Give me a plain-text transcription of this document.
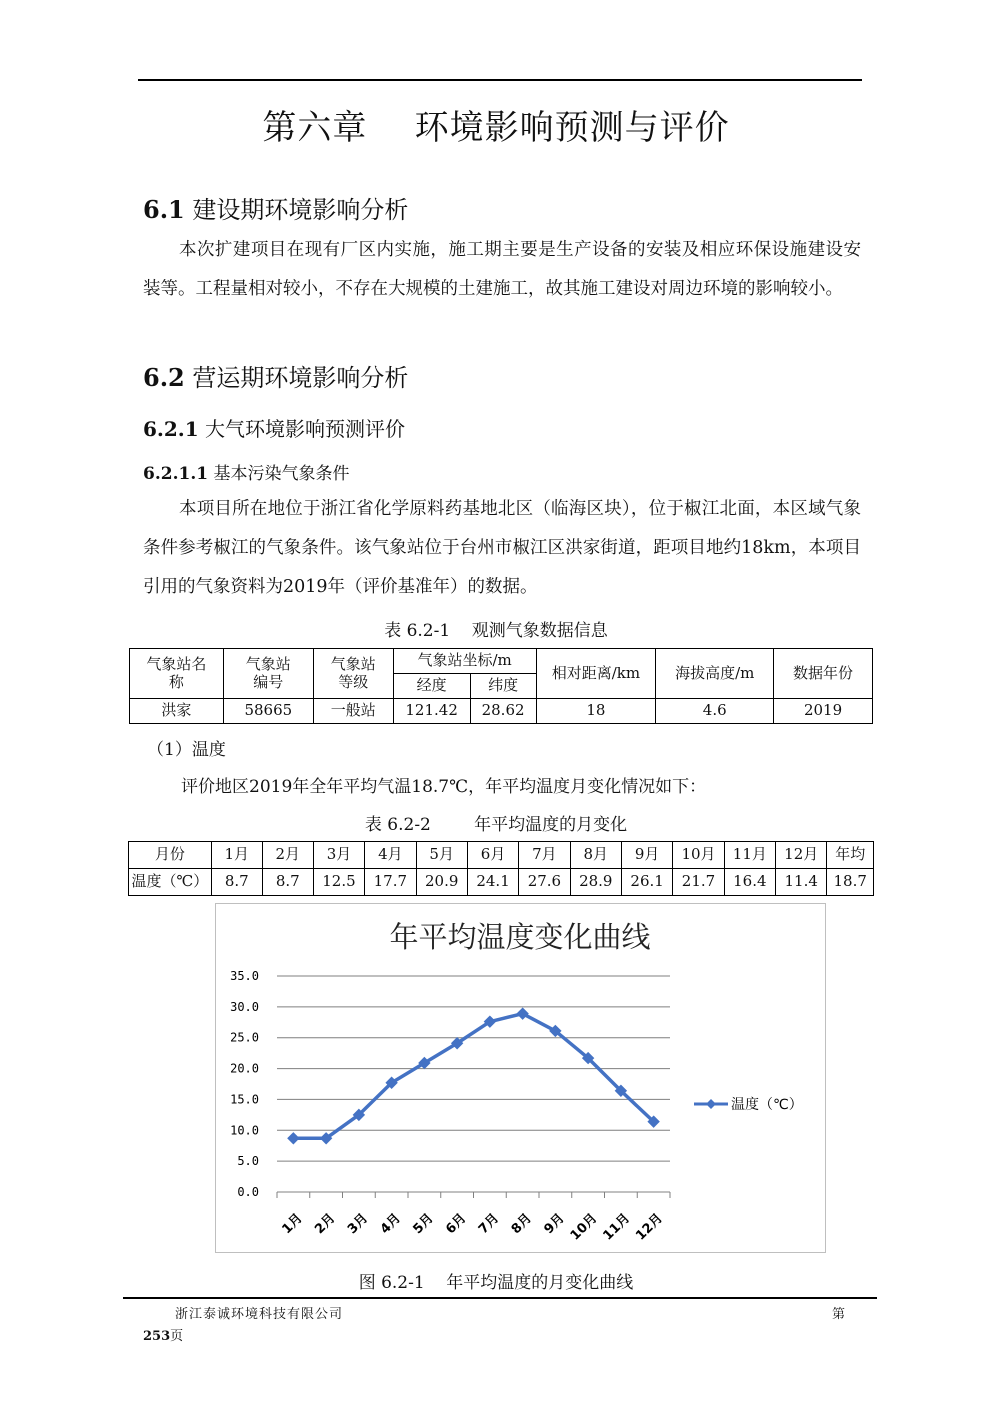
第六章    环境影响预测与评价
6.1 建设期环境影响分析
本次扩建项目在现有厂区内实施，施工期主要是生产设备的安装及相应环保设施建设安装等。工程量相对较小，不存在大规模的土建施工，故其施工建设对周边环境的影响较小。
6.2 营运期环境影响分析
6.2.1 大气环境影响预测评价
6.2.1.1 基本污染气象条件
本项目所在地位于浙江省化学原料药基地北区（临海区块），位于椒江北面，本区域气象条件参考椒江的气象条件。该气象站位于台州市椒江区洪家街道，距项目地约18km，本项目引用的气象资料为2019年（评价基准年）的数据。
表 6.2-1    观测气象数据信息
气象站名称	气象站编号	气象站等级	气象站坐标/m		相对距离/km	海拔高度/m	数据年份
			经度	纬度			
洪家	58665	一般站	121.42	28.62	18	4.6	2019
（1）温度
评价地区2019年全年平均气温18.7℃，年平均温度月变化情况如下：
表 6.2-2        年平均温度的月变化
月份	1月	2月	3月	4月	5月	6月	7月	8月	9月	10月	11月	12月	年均
温度（℃）	8.7	8.7	12.5	17.7	20.9	24.1	27.6	28.9	26.1	21.7	16.4	11.4	18.7
年平均温度变化曲线
0.0
5.0
10.0
15.0
20.0
25.0
30.0
35.0
1月 2月 3月 4月 5月 6月 7月 8月 9月 10月 11月 12月
温度（℃）
图 6.2-1    年平均温度的月变化曲线
浙江泰诚环境科技有限公司	第
253页
